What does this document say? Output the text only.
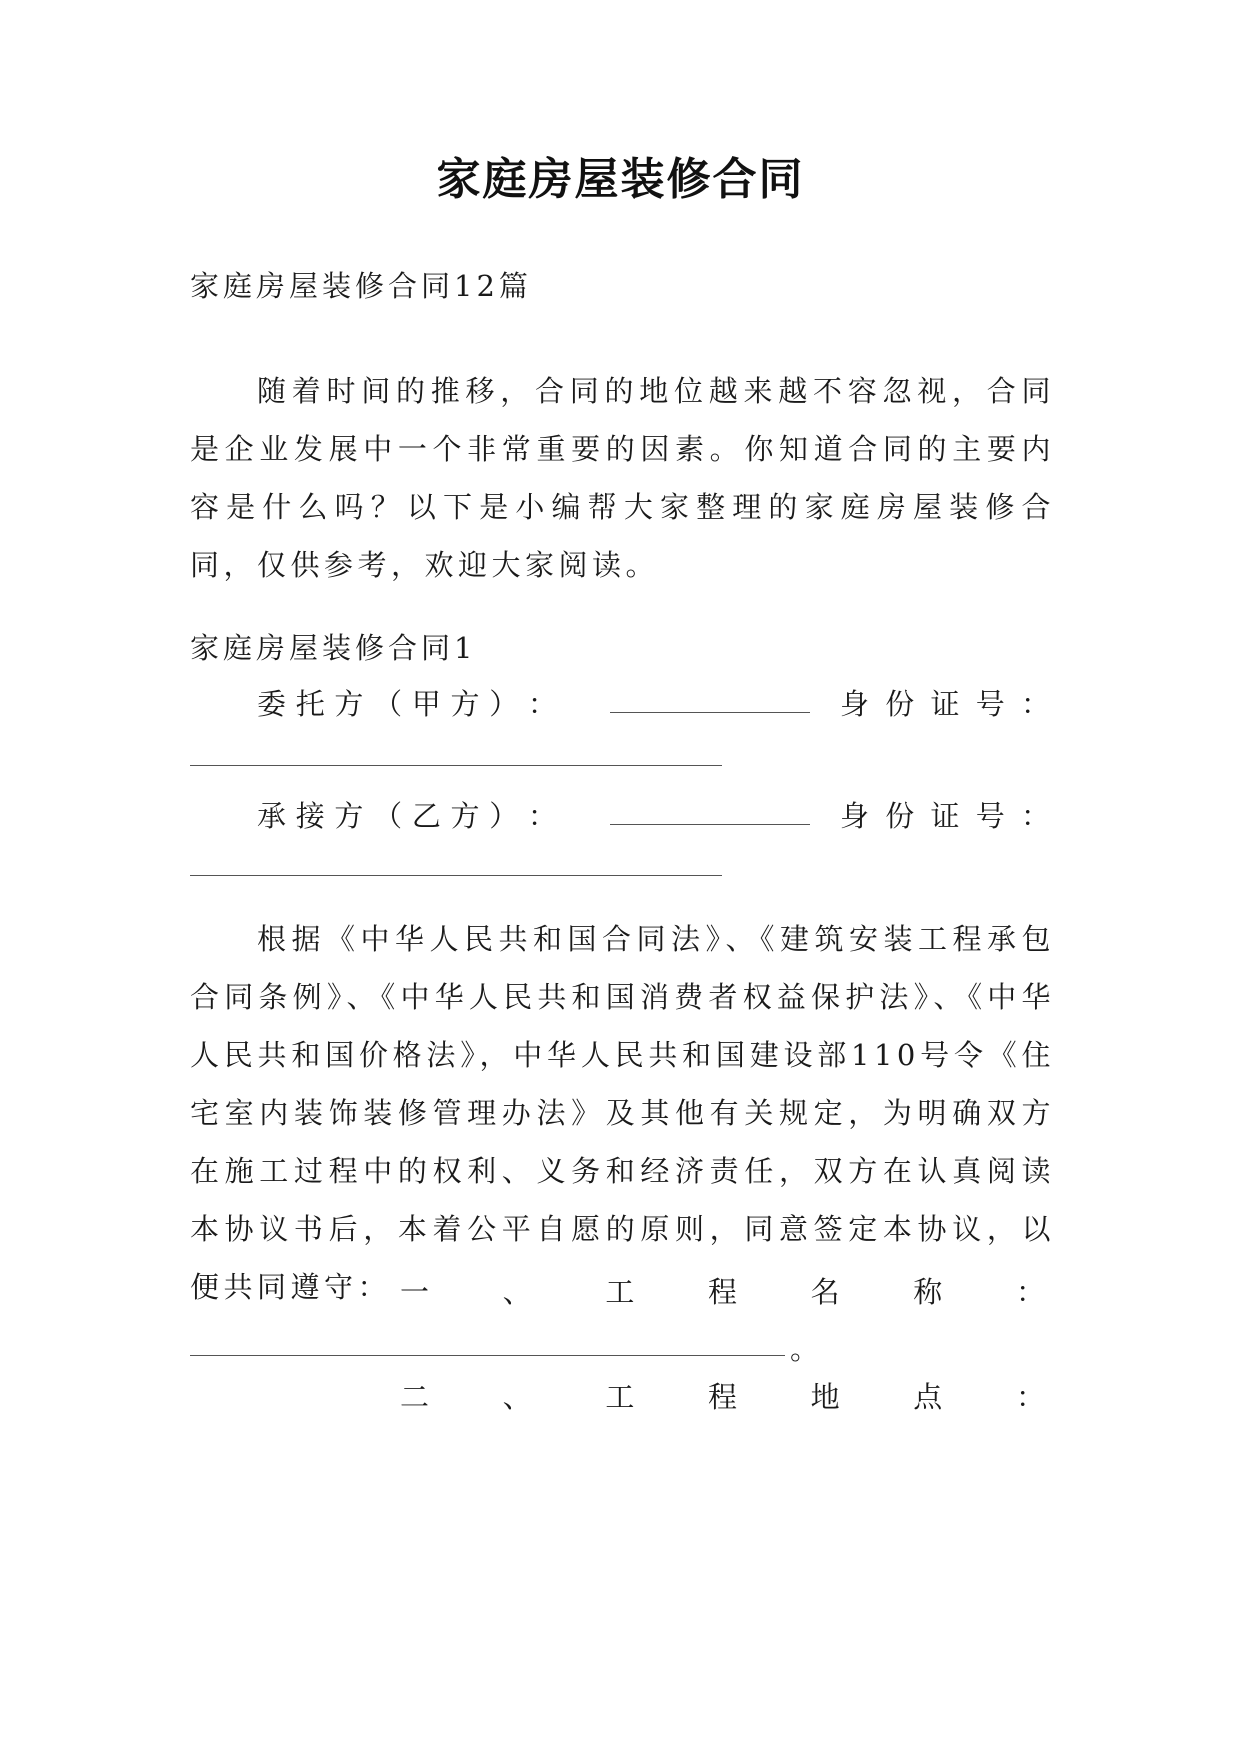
家庭房屋装修合同
家庭房屋装修合同12篇
随着时间的推移，合同的地位越来越不容忽视，合同是企业发展中一个非常重要的因素。你知道合同的主要内容是什么吗？以下是小编帮大家整理的家庭房屋装修合同，仅供参考，欢迎大家阅读。
家庭房屋装修合同1
委 托 方 （ 甲 方 ） ：	身 份 证 号 ：
承 接 方 （ 乙 方 ） ：	身 份 证 号 ：
根据《中华人民共和国合同法》、《建筑安装工程承包合同条例》、《中华人民共和国消费者权益保护法》、《中华人民共和国价格法》，中华人民共和国建设部110号令《住宅室内装饰装修管理办法》及其他有关规定，为明确双方在施工过程中的权利、义务和经济责任，双方在认真阅读本协议书后，本着公平自愿的原则，同意签定本协议，以便共同遵守： 一	、	工	程	名	称	：
。
二	、	工	程	地	点	：
